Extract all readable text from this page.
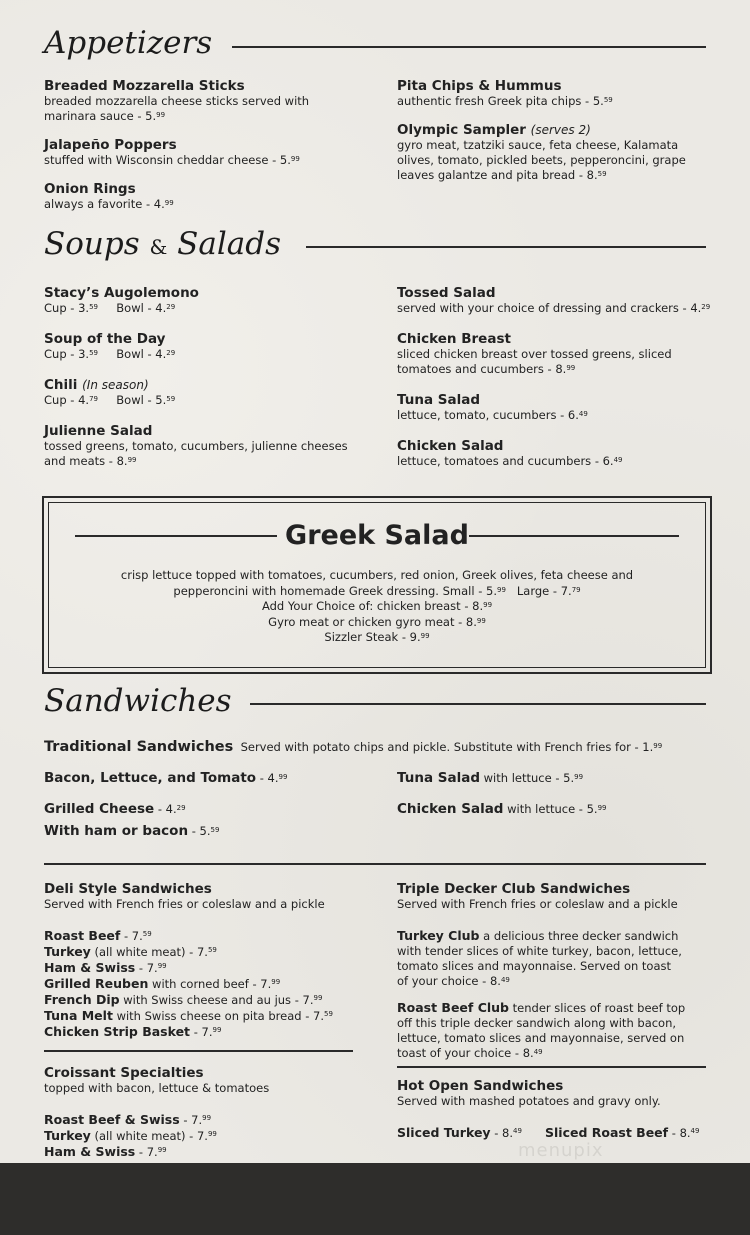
Appetizers
Breaded Mozzarella Sticks
breaded mozzarella cheese sticks served with
marinara sauce - 5.99
Jalapeño Poppers
stuffed with Wisconsin cheddar cheese - 5.99
Onion Rings
always a favorite - 4.99
Pita Chips & Hummus
authentic fresh Greek pita chips - 5.59
Olympic Sampler (serves 2)
gyro meat, tzatziki sauce, feta cheese, Kalamata
olives, tomato, pickled beets, pepperoncini, grape
leaves galantze and pita bread - 8.59
Soups & Salads
Stacy’s Augolemono
Cup - 3.59 Bowl - 4.29
Soup of the Day
Cup - 3.59 Bowl - 4.29
Chili (In season)
Cup - 4.79 Bowl - 5.59
Julienne Salad
tossed greens, tomato, cucumbers, julienne cheeses
and meats - 8.99
Tossed Salad
served with your choice of dressing and crackers - 4.29
Chicken Breast
sliced chicken breast over tossed greens, sliced
tomatoes and cucumbers - 8.99
Tuna Salad
lettuce, tomato, cucumbers - 6.49
Chicken Salad
lettuce, tomatoes and cucumbers - 6.49
Greek Salad
crisp lettuce topped with tomatoes, cucumbers, red onion, Greek olives, feta cheese and
pepperoncini with homemade Greek dressing. Small - 5.99   Large - 7.79
Add Your Choice of: chicken breast - 8.99
Gyro meat or chicken gyro meat - 8.99
Sizzler Steak - 9.99
Sandwiches
Traditional Sandwiches Served with potato chips and pickle. Substitute with French fries for - 1.99
Bacon, Lettuce, and Tomato - 4.99
Grilled Cheese - 4.29
With ham or bacon - 5.59
Tuna Salad with lettuce - 5.99
Chicken Salad with lettuce - 5.99
Deli Style Sandwiches
Served with French fries or coleslaw and a pickle
Roast Beef - 7.59
Turkey (all white meat) - 7.59
Ham & Swiss - 7.99
Grilled Reuben with corned beef - 7.99
French Dip with Swiss cheese and au jus - 7.99
Tuna Melt with Swiss cheese on pita bread - 7.59
Chicken Strip Basket - 7.99
Croissant Specialties
topped with bacon, lettuce & tomatoes
Roast Beef & Swiss - 7.99
Turkey (all white meat) - 7.99
Ham & Swiss - 7.99
Triple Decker Club Sandwiches
Served with French fries or coleslaw and a pickle
Turkey Club a delicious three decker sandwich
with tender slices of white turkey, bacon, lettuce,
tomato slices and mayonnaise. Served on toast
of your choice - 8.49
Roast Beef Club tender slices of roast beef top
off this triple decker sandwich along with bacon,
lettuce, tomato slices and mayonnaise, served on
toast of your choice - 8.49
Hot Open Sandwiches
Served with mashed potatoes and gravy only.
Sliced Turkey - 8.49 Sliced Roast Beef - 8.49
menupix
